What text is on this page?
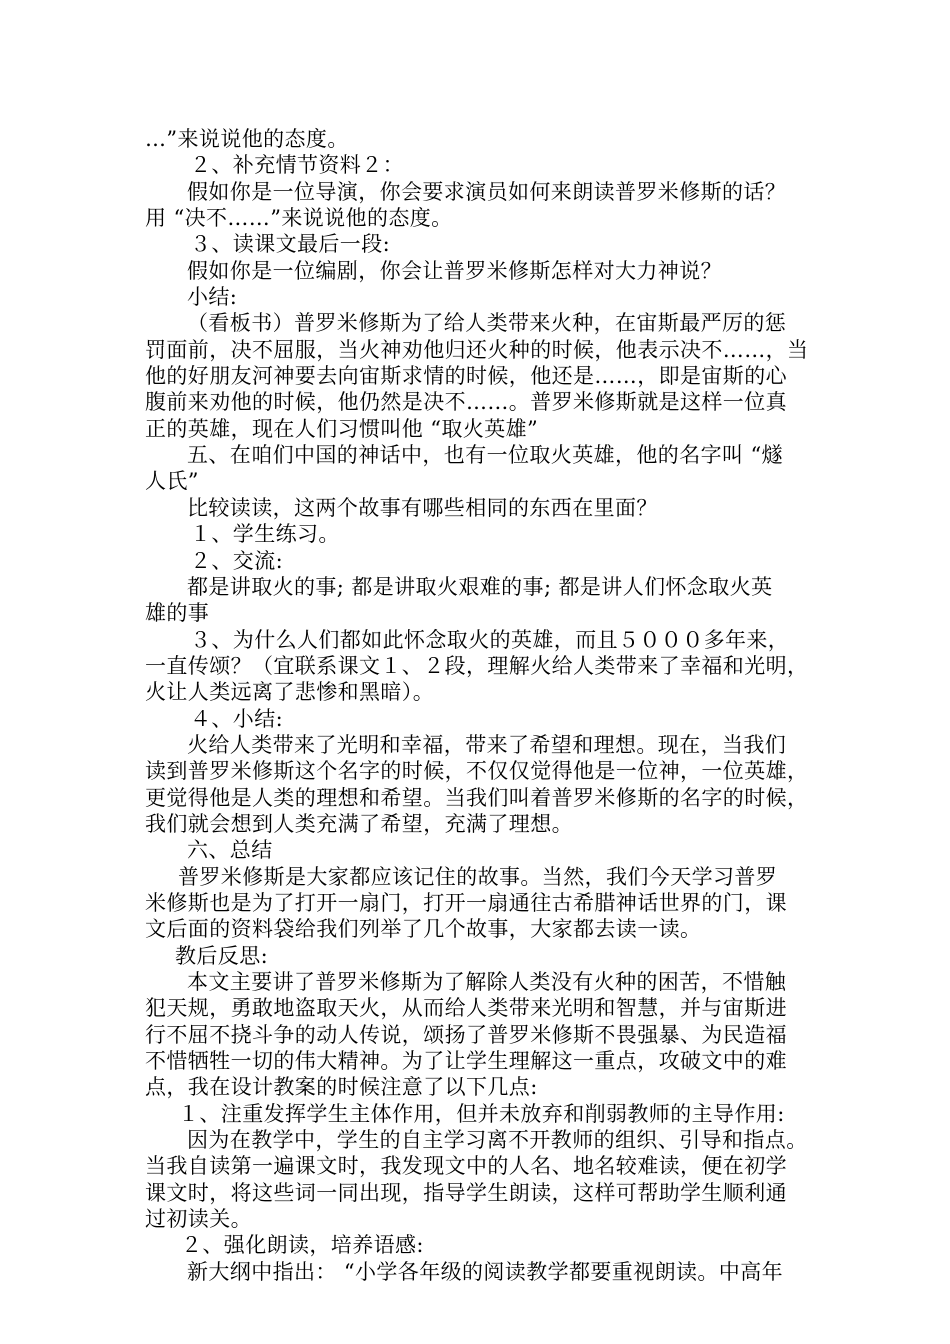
…”来说说他的态度。
２、补充情节资料２：
假如你是一位导演，你会要求演员如何来朗读普罗米修斯的话？
用 “决不……”来说说他的态度。
３、读课文最后一段:
假如你是一位编剧，你会让普罗米修斯怎样对大力神说？
小结:
（看板书）普罗米修斯为了给人类带来火种，在宙斯最严厉的惩
罚面前，决不屈服，当火神劝他归还火种的时候，他表示决不……，当
他的好朋友河神要去向宙斯求情的时候，他还是……，即是宙斯的心
腹前来劝他的时候，他仍然是决不……。普罗米修斯就是这样一位真
正的英雄，现在人们习惯叫他 “取火英雄”
五、在咱们中国的神话中，也有一位取火英雄，他的名字叫 “燧
人氏”
比较读读，这两个故事有哪些相同的东西在里面？
１、学生练习。
２、交流:
都是讲取火的事; 都是讲取火艰难的事; 都是讲人们怀念取火英
雄的事
３、为什么人们都如此怀念取火的英雄，而且５０００多年来，
一直传颂？（宜联系课文１、２段，理解火给人类带来了幸福和光明，
火让人类远离了悲惨和黑暗）。
４、小结:
火给人类带来了光明和幸福，带来了希望和理想。现在，当我们
读到普罗米修斯这个名字的时候，不仅仅觉得他是一位神，一位英雄，
更觉得他是人类的理想和希望。当我们叫着普罗米修斯的名字的时候，
我们就会想到人类充满了希望，充满了理想。
六、总结
普罗米修斯是大家都应该记住的故事。当然，我们今天学习普罗
米修斯也是为了打开一扇门，打开一扇通往古希腊神话世界的门，课
文后面的资料袋给我们列举了几个故事，大家都去读一读。
教后反思:
本文主要讲了普罗米修斯为了解除人类没有火种的困苦，不惜触
犯天规，勇敢地盗取天火，从而给人类带来光明和智慧，并与宙斯进
行不屈不挠斗争的动人传说，颂扬了普罗米修斯不畏强暴、为民造福
不惜牺牲一切的伟大精神。为了让学生理解这一重点，攻破文中的难
点，我在设计教案的时候注意了以下几点:
１、注重发挥学生主体作用，但并未放弃和削弱教师的主导作用:
因为在教学中，学生的自主学习离不开教师的组织、引导和指点。
当我自读第一遍课文时，我发现文中的人名、地名较难读，便在初学
课文时，将这些词一同出现，指导学生朗读，这样可帮助学生顺利通
过初读关。
２、强化朗读，培养语感:
新大纲中指出： “小学各年级的阅读教学都要重视朗读。中高年
